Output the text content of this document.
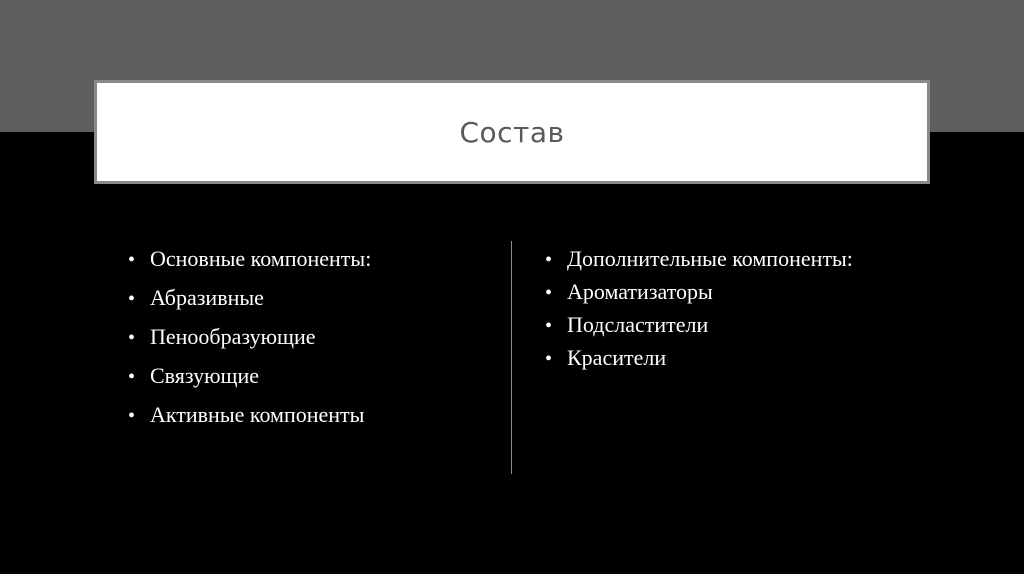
Состав
• Основные компоненты:
• Абразивные
• Пенообразующие
• Связующие
• Активные компоненты
• Дополнительные компоненты:
• Ароматизаторы
• Подсластители
• Красители
